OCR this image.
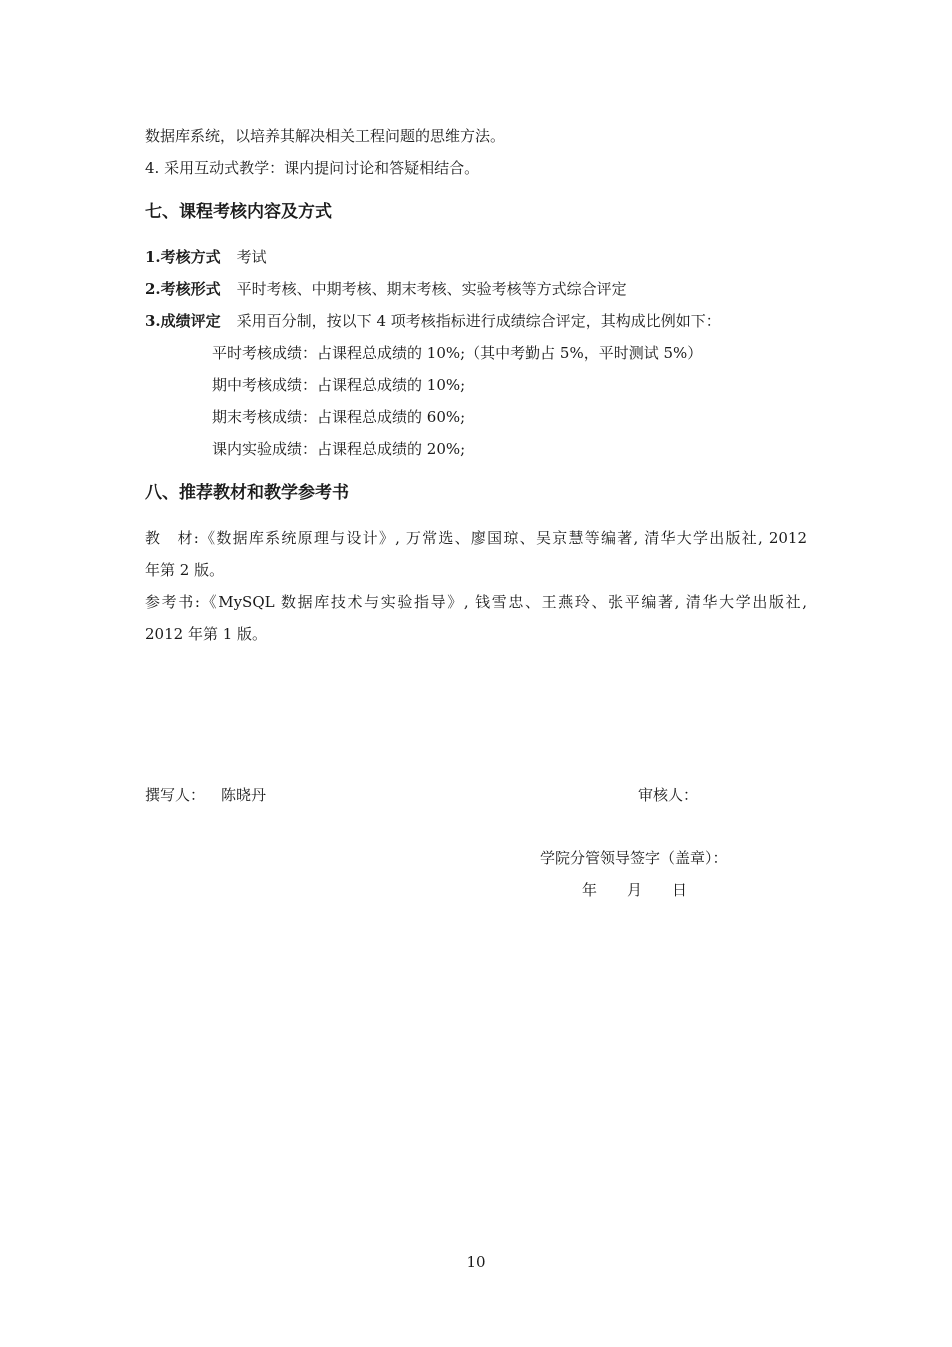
数据库系统，以培养其解决相关工程问题的思维方法。
4. 采用互动式教学：课内提问讨论和答疑相结合。
七、课程考核内容及方式
1.考核方式 考试
2.考核形式 平时考核、中期考核、期末考核、实验考核等方式综合评定
3.成绩评定 采用百分制，按以下 4 项考核指标进行成绩综合评定，其构成比例如下：
平时考核成绩：占课程总成绩的 10%;（其中考勤占 5%，平时测试 5%）
期中考核成绩：占课程总成绩的 10%;
期末考核成绩：占课程总成绩的 60%;
课内实验成绩：占课程总成绩的 20%;
八、推荐教材和教学参考书
教　材:《数据库系统原理与设计》, 万常选、廖国琼、吴京慧等编著, 清华大学出版社, 2012
年第 2 版。
参考书:《MySQL 数据库技术与实验指导》, 钱雪忠、王燕玲、张平编著, 清华大学出版社,
2012 年第 1 版。
撰写人： 陈晓丹	审核人：
学院分管领导签字（盖章）：
年　　月　　日
10
